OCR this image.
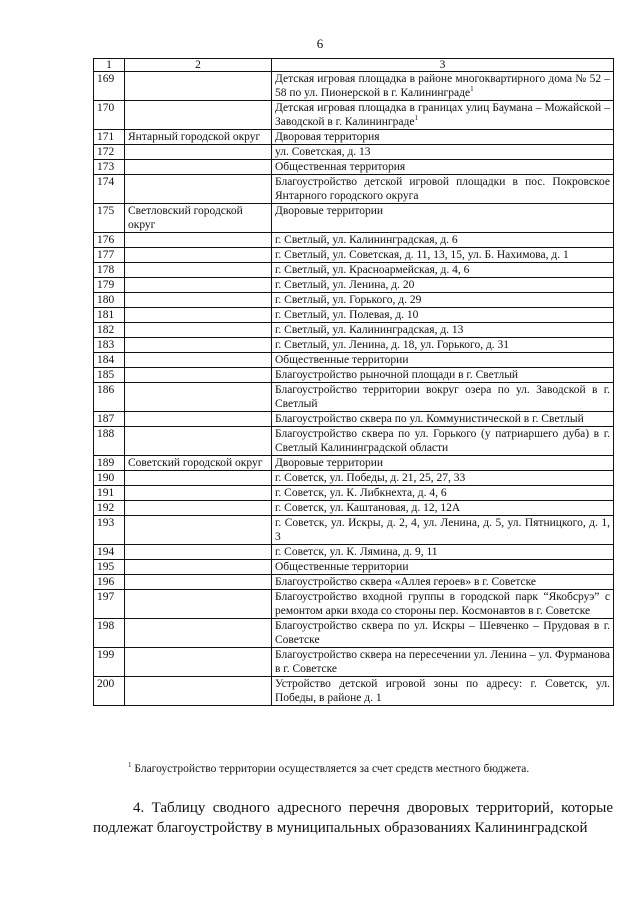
6
1	2	3
169		Детская игровая площадка в районе многоквартирного дома № 52 – 58 по ул. Пионерской в г. Калининграде$^1$
170		Детская игровая площадка в границах улиц Баумана – Можайской – Заводской в г. Калининграде$^1$
171	Янтарный городской округ	Дворовая территория
172		ул. Советская, д. 13
173		Общественная территория
174		Благоустройство детской игровой площадки в пос. Покровское Янтарного городского округа
175	Светловский городской округ	Дворовые территории
176		г. Светлый, ул. Калининградская, д. 6
177		г. Светлый, ул. Советская, д. 11, 13, 15, ул. Б. Нахимова, д. 1
178		г. Светлый, ул. Красноармейская, д. 4, 6
179		г. Светлый, ул. Ленина, д. 20
180		г. Светлый, ул. Горького, д. 29
181		г. Светлый, ул. Полевая, д. 10
182		г. Светлый, ул. Калининградская, д. 13
183		г. Светлый, ул. Ленина, д. 18, ул. Горького, д. 31
184		Общественные территории
185		Благоустройство рыночной площади в г. Светлый
186		Благоустройство территории вокруг озера по ул. Заводской в г. Светлый
187		Благоустройство сквера по ул. Коммунистической в г. Светлый
188		Благоустройство сквера по ул. Горького (у патриаршего дуба) в г. Светлый Калининградской области
189	Советский городской округ	Дворовые территории
190		г. Советск, ул. Победы, д. 21, 25, 27, 33
191		г. Советск, ул. К. Либкнехта, д. 4, 6
192		г. Советск, ул. Каштановая, д. 12, 12А
193		г. Советск, ул. Искры, д. 2, 4, ул. Ленина, д. 5, ул. Пятницкого, д. 1, 3
194		г. Советск, ул. К. Лямина, д. 9, 11
195		Общественные территории
196		Благоустройство сквера «Аллея героев» в г. Советске
197		Благоустройство входной группы в городской парк “Якобсруэ” с ремонтом арки входа со стороны пер. Космонавтов в г. Советске
198		Благоустройство сквера по ул. Искры – Шевченко – Прудовая в г. Советске
199		Благоустройство сквера на пересечении ул. Ленина – ул. Фурманова в г. Советске
200		Устройство детской игровой зоны по адресу: г. Советск, ул. Победы, в районе д. 1
$^1$ Благоустройство территории осуществляется за счет средств местного бюджета.
4. Таблицу сводного адресного перечня дворовых территорий, которые подлежат благоустройству в муниципальных образованиях Калининградской
